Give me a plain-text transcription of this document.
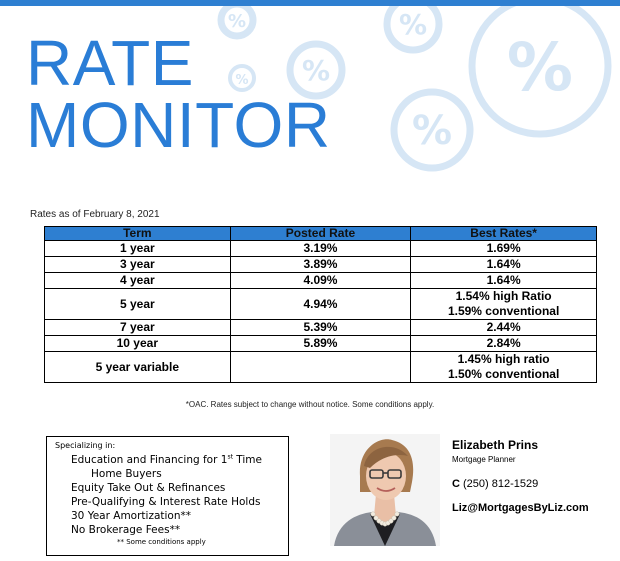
%	%
%
%
%
%
RATE
MONITOR
Rates as of February 8, 2021
Term	Posted Rate	Best Rates*
1 year	3.19%	1.69%
3 year	3.89%	1.64%
4 year	4.09%	1.64%
5 year	4.94%	1.54% high Ratio
1.59% conventional

7 year	5.39%	2.44%
10 year	5.89%	2.84%
5 year variable		1.45% high ratio
1.50% conventional
*OAC. Rates subject to change without notice. Some conditions apply.
Specializing in:
Education and Financing for 1st Time
Home Buyers
Equity Take Out & Refinances
Pre-Qualifying & Interest Rate Holds
30 Year Amortization**
No Brokerage Fees**
** Some conditions apply
Elizabeth Prins
Mortgage Planner
C (250) 812-1529
Liz@MortgagesByLiz.com
